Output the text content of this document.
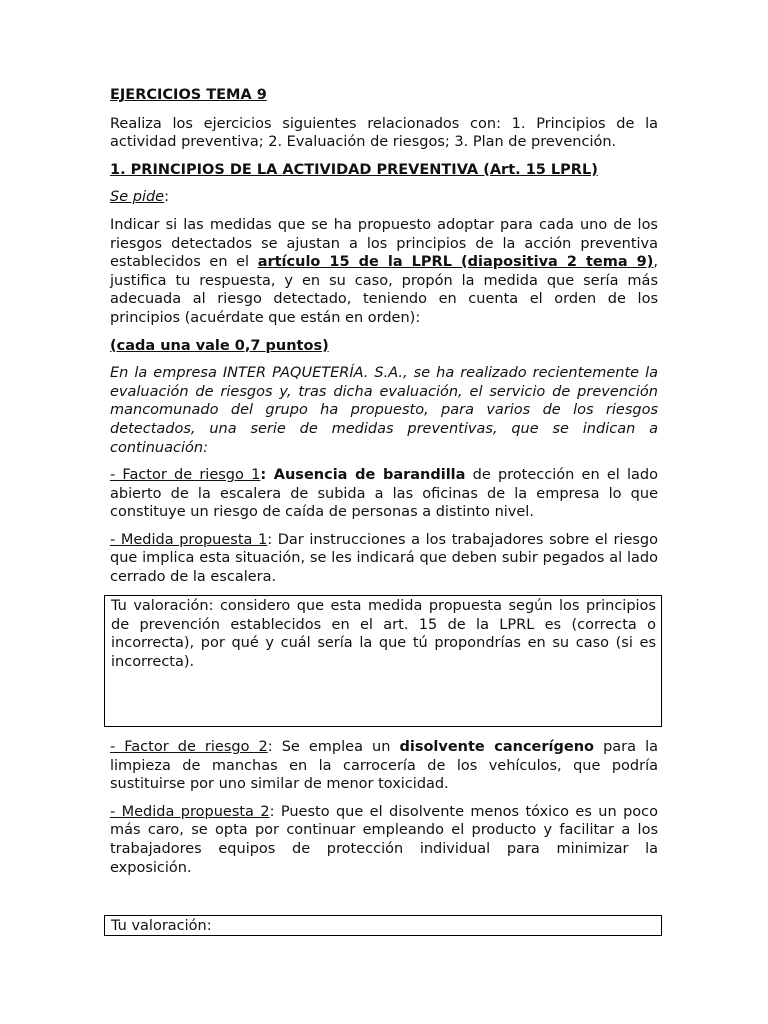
EJERCICIOS TEMA 9

Realiza los ejercicios siguientes relacionados con: 1. Principios de la actividad preventiva; 2. Evaluación de riesgos; 3. Plan de prevención.

1. PRINCIPIOS DE LA ACTIVIDAD PREVENTIVA (Art. 15 LPRL)

Se pide:

Indicar si las medidas que se ha propuesto adoptar para cada uno de los riesgos detectados se ajustan a los principios de la acción preventiva establecidos en el artículo 15 de la LPRL (diapositiva 2 tema 9), justifica tu respuesta, y en su caso, propón la medida que sería más adecuada al riesgo detectado, teniendo en cuenta el orden de los principios (acuérdate que están en orden):

(cada una vale 0,7 puntos)

En la empresa INTER PAQUETERÍA. S.A., se ha realizado recientemente la evaluación de riesgos y, tras dicha evaluación, el servicio de prevención mancomunado del grupo ha propuesto, para varios de los riesgos detectados, una serie de medidas preventivas, que se indican a continuación:

- Factor de riesgo 1: Ausencia de barandilla de protección en el lado abierto de la escalera de subida a las oficinas de la empresa lo que constituye un riesgo de caída de personas a distinto nivel.

- Medida propuesta 1: Dar instrucciones a los trabajadores sobre el riesgo que implica esta situación, se les indicará que deben subir pegados al lado cerrado de la escalera.

Tu valoración: considero que esta medida propuesta según los principios de prevención establecidos en el art. 15 de la LPRL es (correcta o incorrecta), por qué y cuál sería la que tú propondrías en su caso (si es incorrecta).

- Factor de riesgo 2: Se emplea un disolvente cancerígeno para la limpieza de manchas en la carrocería de los vehículos, que podría sustituirse por uno similar de menor toxicidad.

- Medida propuesta 2: Puesto que el disolvente menos tóxico es un poco más caro, se opta por continuar empleando el producto y facilitar a los trabajadores equipos de protección individual para minimizar la exposición.

Tu valoración:
